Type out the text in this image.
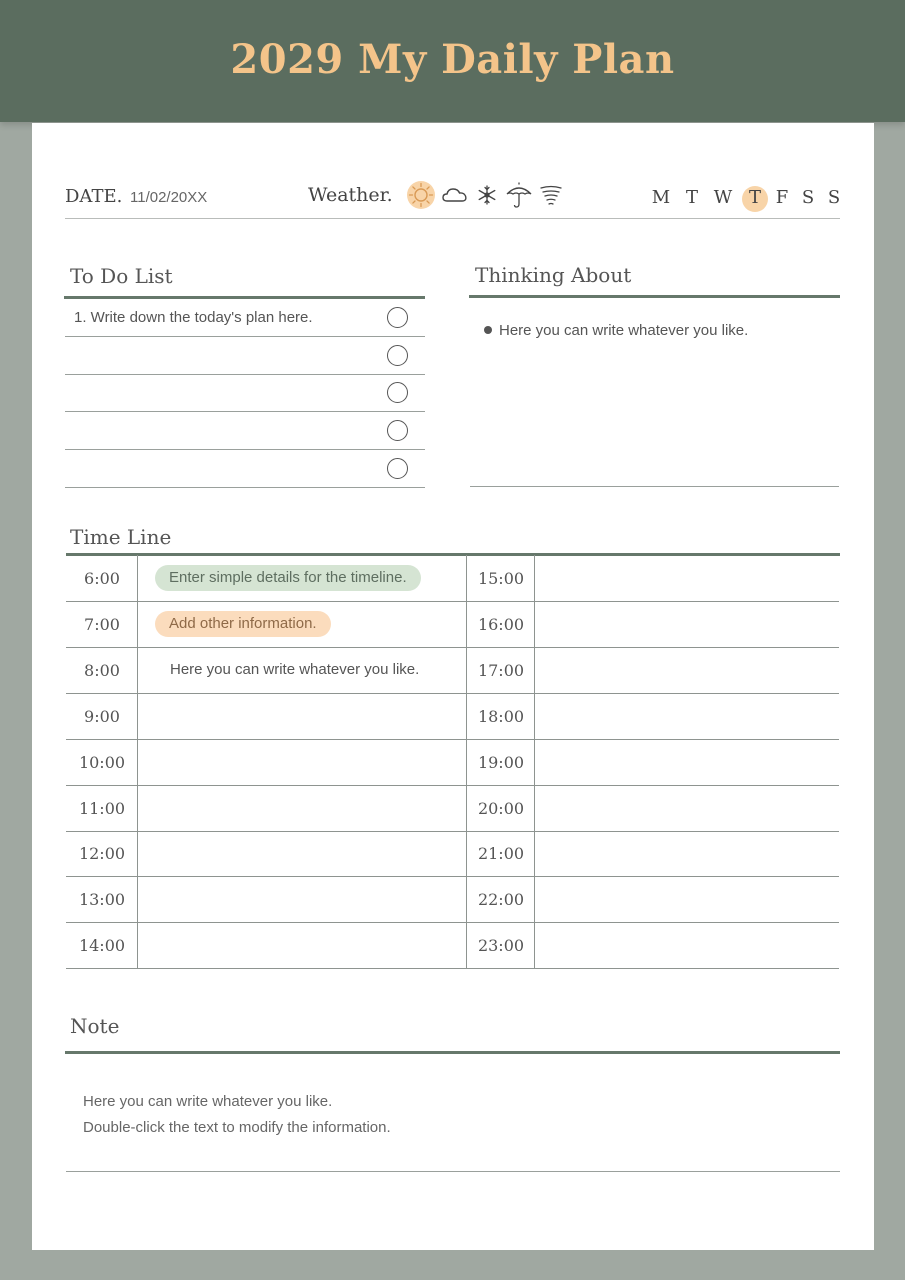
2029 My Daily Plan
DATE. 11/02/20XX	Weather.	M T W T F S S
To Do List
1. Write down the today's plan here.
Thinking About
Here you can write whatever you like.
Time Line
6:00	Enter simple details for the timeline.	15:00
7:00	Add other information.	16:00
8:00	Here you can write whatever you like.	17:00
9:00	18:00
10:00	19:00
11:00	20:00
12:00	21:00
13:00	22:00
14:00	23:00
Note
Here you can write whatever you like.
Double-click the text to modify the information.
